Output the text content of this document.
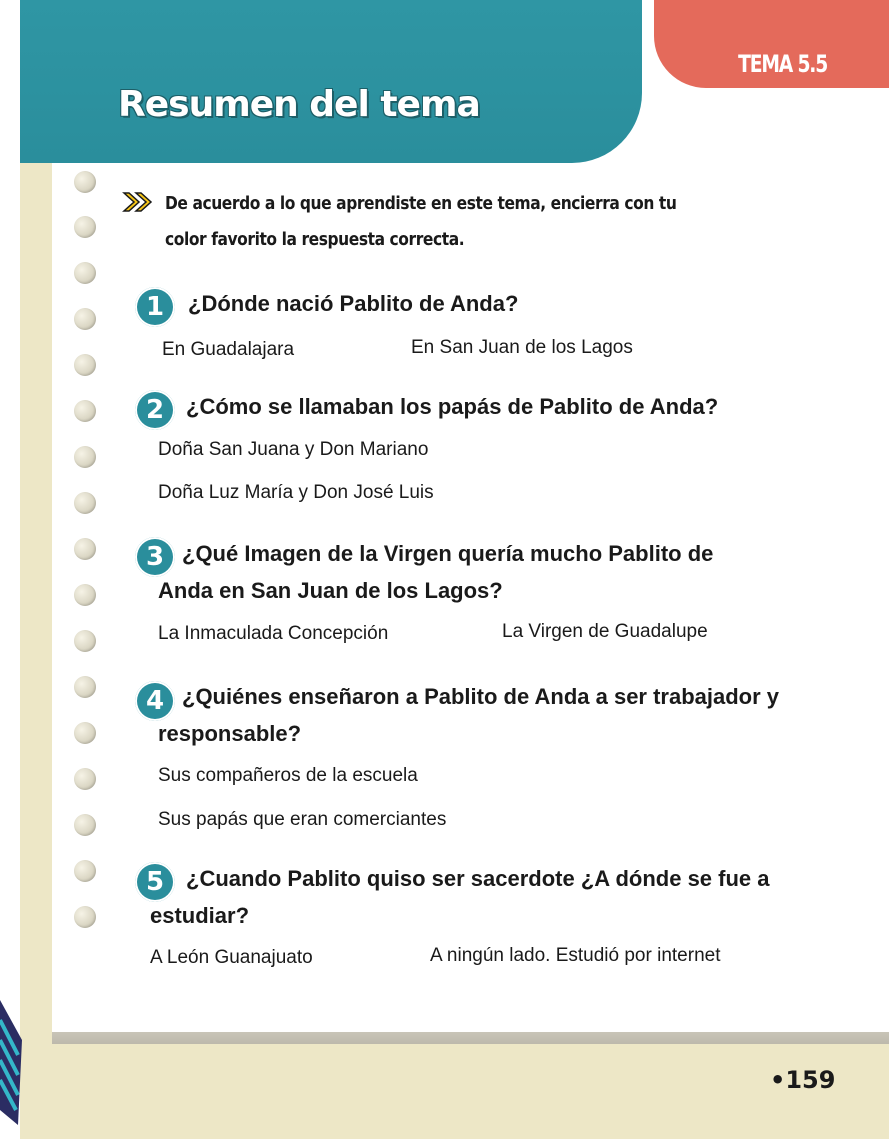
Resumen del tema
TEMA 5.5
De acuerdo a lo que aprendiste en este tema, encierra con tu color favorito la respuesta correcta.
1	¿Dónde nació Pablito de Anda?
En Guadalajara	En San Juan de los Lagos
2 ¿Cómo se llamaban los papás de Pablito de Anda?
Doña San Juana y Don Mariano
Doña Luz María y Don José Luis
3 ¿Qué Imagen de la Virgen quería mucho Pablito de Anda en San Juan de los Lagos?
La Inmaculada Concepción	La Virgen de Guadalupe
4 ¿Quiénes enseñaron a Pablito de Anda a ser trabajador y responsable?
Sus compañeros de la escuela
Sus papás que eran comerciantes
5 ¿Cuando Pablito quiso ser sacerdote ¿A dónde se fue a estudiar?
A León Guanajuato	A ningún lado. Estudió por internet
•159
